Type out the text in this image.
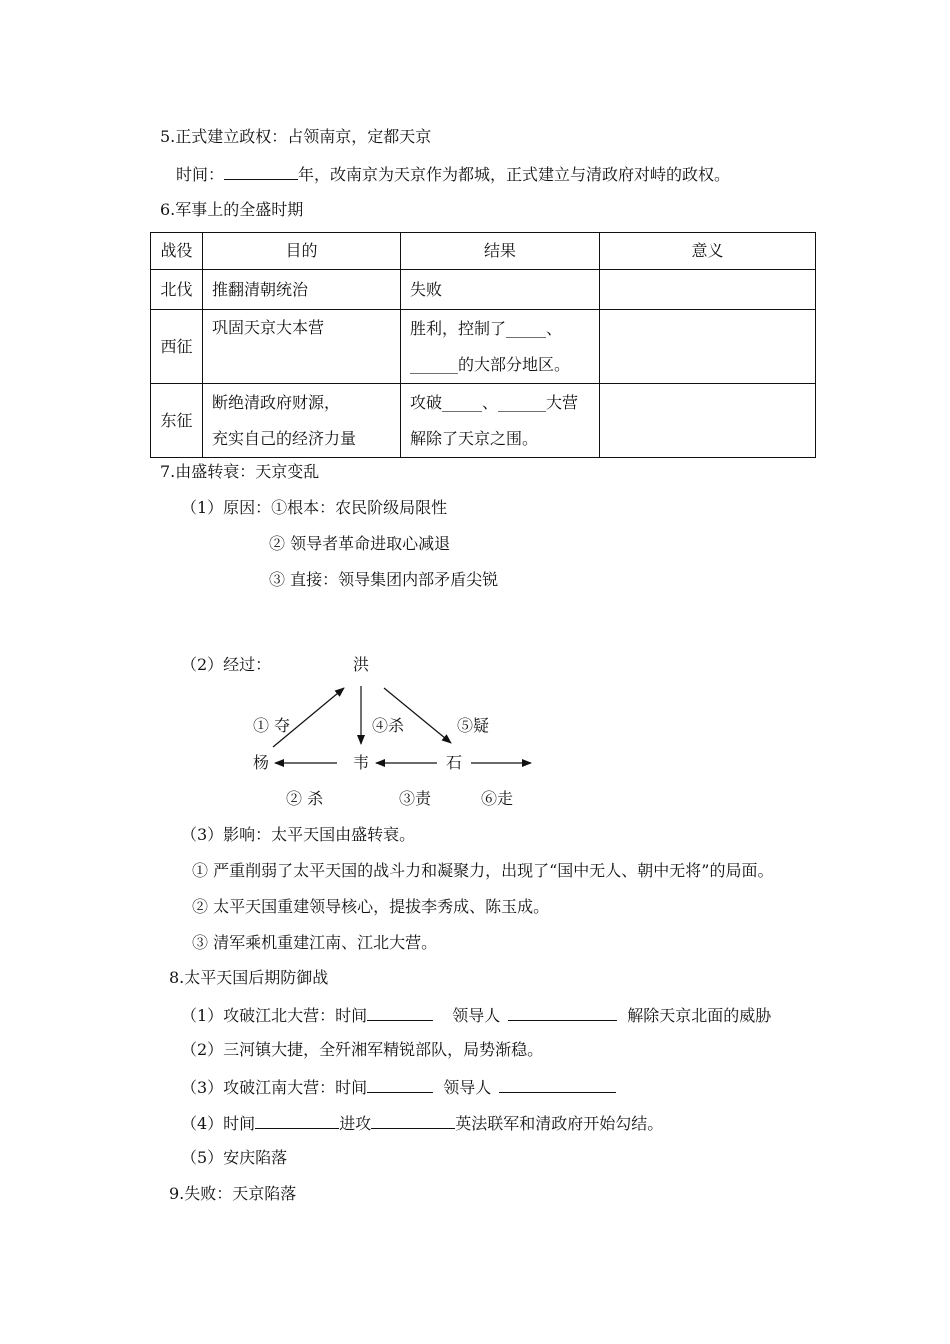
5.正式建立政权：占领南京，定都天京
时间：	年，改南京为天京作为都城，正式建立与清政府对峙的政权。
6.军事上的全盛时期
战役	目的	结果	意义
北伐	推翻清朝统治	失败	

西征	巩固天京大本营	胜利，控制了_____、
______的大部分地区。	

东征	断绝清政府财源，
充实自己的经济力量	攻破_____、______大营
解除了天京之围。	

7.由盛转衰：天京变乱
（1）原因：①根本：农民阶级局限性
② 领导者革命进取心减退
③ 直接：领导集团内部矛盾尖锐
（2）经过：	洪
杨	韦	石
① 夺	④杀	⑤疑
② 杀	③责	⑥走
（3）影响：太平天国由盛转衰。
① 严重削弱了太平天国的战斗力和凝聚力，出现了“国中无人、朝中无将”的局面。
② 太平天国重建领导核心，提拔李秀成、陈玉成。
③ 清军乘机重建江南、江北大营。
8.太平天国后期防御战
（1）攻破江北大营：时间	领导人	解除天京北面的威胁
（2）三河镇大捷，全歼湘军精锐部队，局势渐稳。
（3）攻破江南大营：时间	领导人
（4）时间	进攻	英法联军和清政府开始勾结。
（5）安庆陷落
9.失败：天京陷落
